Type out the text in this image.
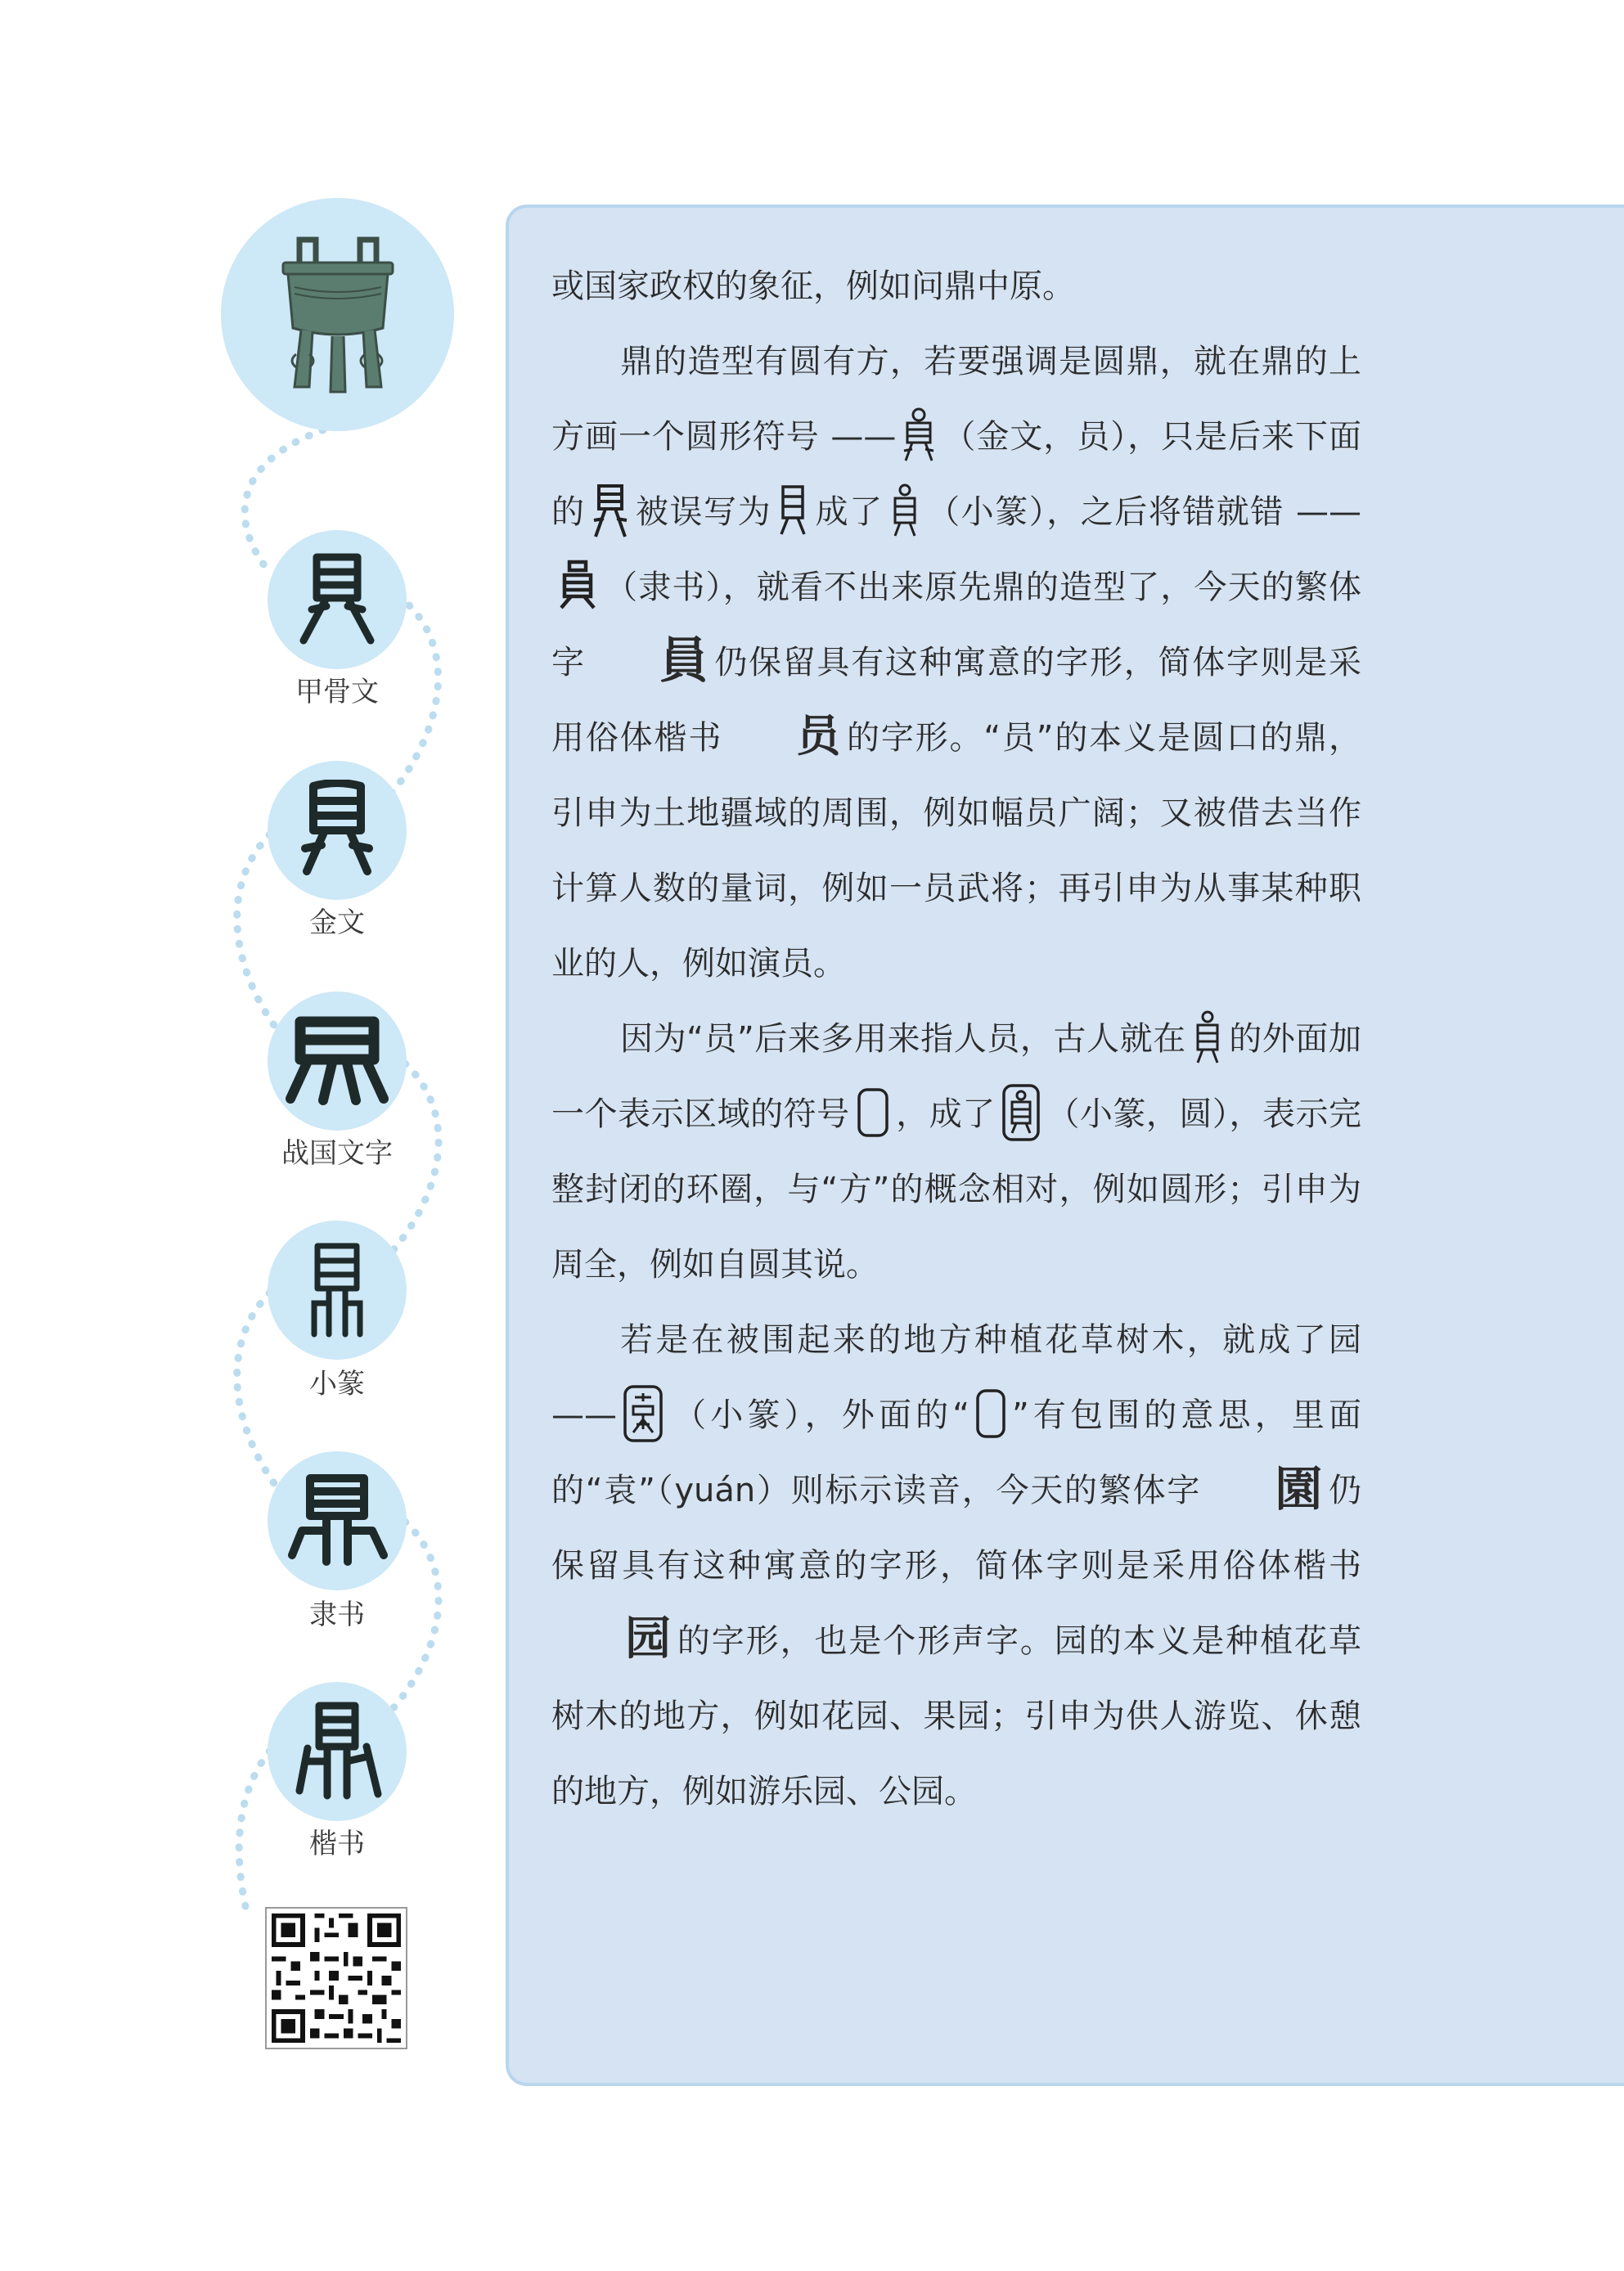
甲骨文
金文
战国文字
小篆
隶书
楷书

或国家政权的象征，例如问鼎中原。

鼎的造型有圆有方，若要强调是圆鼎，就在鼎的上方画一个圆形符号 —— （金文，员），只是后来下面的 被误写为 成了 （小篆），之后将错就错 ——
（隶书），就看不出来原先鼎的造型了，今天的繁体字 員 仍保留具有这种寓意的字形，简体字则是采用俗体楷书 员 的字形。“员”的本义是圆口的鼎，引申为土地疆域的周围，例如幅员广阔；又被借去当作计算人数的量词，例如一员武将；再引申为从事某种职业的人，例如演员。

因为“员”后来多用来指人员，古人就在 的外面加一个表示区域的符号 ，成了 （小篆，圆），表示完整封闭的环圈，与“方”的概念相对，例如圆形；引申为周全，例如自圆其说。

若是在被围起来的地方种植花草树木，就成了园 —— （小篆），外面的“ ”有包围的意思，里面的“袁”（yuán）则标示读音，今天的繁体字 園 仍保留具有这种寓意的字形，简体字则是采用俗体楷书园 的字形，也是个形声字。园的本义是种植花草树木的地方，例如花园、果园；引申为供人游览、休憩的地方，例如游乐园、公园。
